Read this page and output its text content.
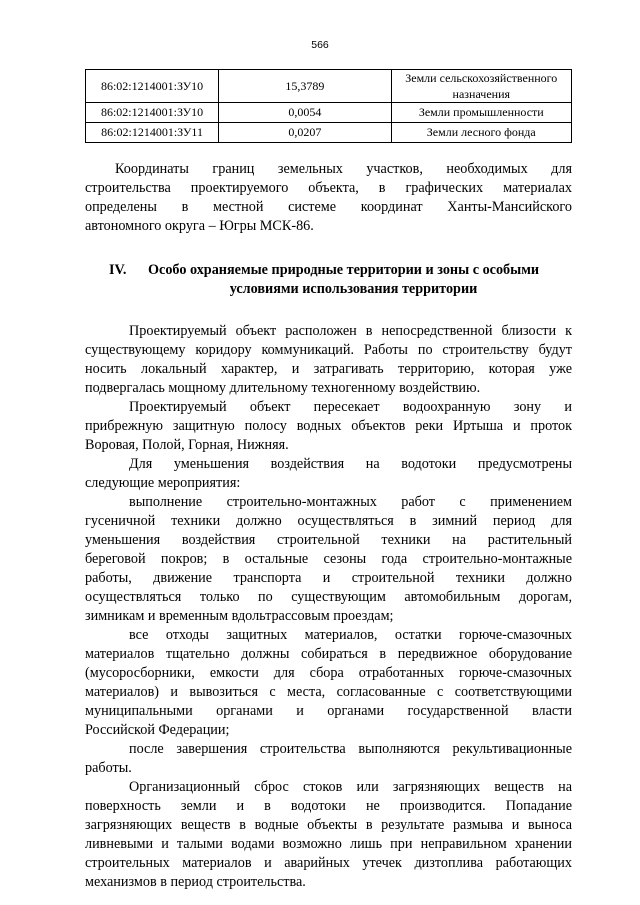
566
86:02:1214001:ЗУ10	15,3789	Земли сельскохозяйственного
назначения

86:02:1214001:ЗУ10	0,0054	Земли промышленности
86:02:1214001:ЗУ11	0,0207	Земли лесного фонда
Координаты границ земельных участков, необходимых для
строительства проектируемого объекта, в графических материалах
определены в местной системе координат Ханты-Мансийского
автономного округа – Югры МСК-86.
IV. Особо охраняемые природные территории и зоны с особыми
условиями использования территории
Проектируемый объект расположен в непосредственной близости к
существующему коридору коммуникаций. Работы по строительству будут
носить локальный характер, и затрагивать территорию, которая уже
подвергалась мощному длительному техногенному воздействию.
Проектируемый объект пересекает водоохранную зону и
прибрежную защитную полосу водных объектов реки Иртыша и проток
Воровая, Полой, Горная, Нижняя.
Для уменьшения воздействия на водотоки предусмотрены
следующие мероприятия:
выполнение строительно-монтажных работ с применением
гусеничной техники должно осуществляться в зимний период для
уменьшения воздействия строительной техники на растительный
береговой покров; в остальные сезоны года строительно-монтажные
работы, движение транспорта и строительной техники должно
осуществляться только по существующим автомобильным дорогам,
зимникам и временным вдольтрассовым проездам;
все отходы защитных материалов, остатки горюче-смазочных
материалов тщательно должны собираться в передвижное оборудование
(мусоросборники, емкости для сбора отработанных горюче-смазочных
материалов) и вывозиться с места, согласованные с соответствующими
муниципальными органами и органами государственной власти
Российской Федерации;
после завершения строительства выполняются рекультивационные
работы.
Организационный сброс стоков или загрязняющих веществ на
поверхность земли и в водотоки не производится. Попадание
загрязняющих веществ в водные объекты в результате размыва и выноса
ливневыми и талыми водами возможно лишь при неправильном хранении
строительных материалов и аварийных утечек дизтоплива работающих
механизмов в период строительства.
